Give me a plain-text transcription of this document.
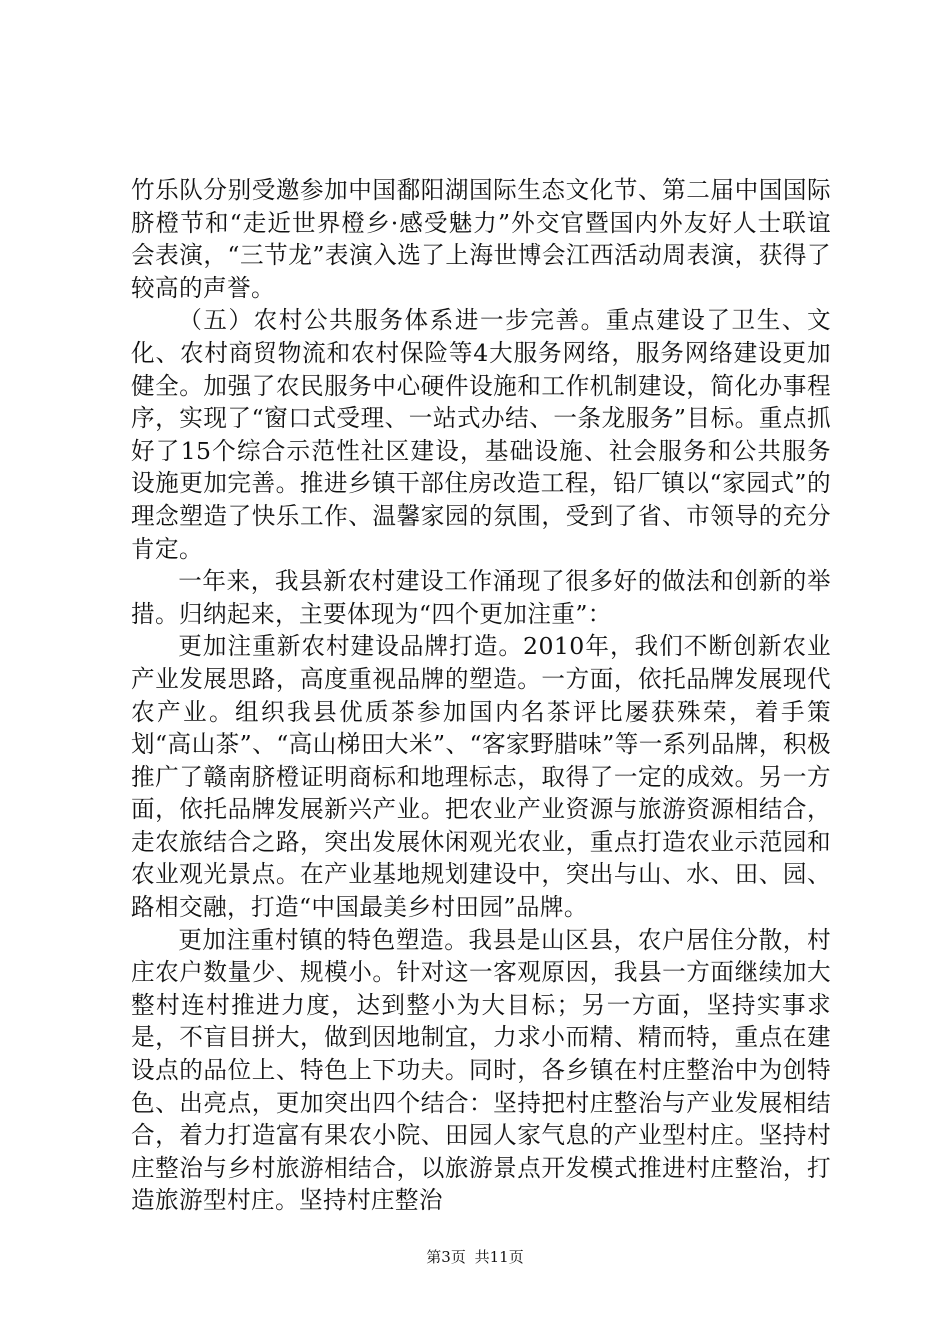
竹乐队分别受邀参加中国鄱阳湖国际生态文化节、第二届中国国际脐橙节和“走近世界橙乡·感受魅力”外交官暨国内外友好人士联谊会表演，“三节龙”表演入选了上海世博会江西活动周表演，获得了较高的声誉。

（五）农村公共服务体系进一步完善。重点建设了卫生、文化、农村商贸物流和农村保险等4大服务网络，服务网络建设更加健全。加强了农民服务中心硬件设施和工作机制建设，简化办事程序，实现了“窗口式受理、一站式办结、一条龙服务”目标。重点抓好了15个综合示范性社区建设，基础设施、社会服务和公共服务设施更加完善。推进乡镇干部住房改造工程，铅厂镇以“家园式”的理念塑造了快乐工作、温馨家园的氛围，受到了省、市领导的充分肯定。

一年来，我县新农村建设工作涌现了很多好的做法和创新的举措。归纳起来，主要体现为“四个更加注重”：

更加注重新农村建设品牌打造。2010年，我们不断创新农业产业发展思路，高度重视品牌的塑造。一方面，依托品牌发展现代农产业。组织我县优质茶参加国内名茶评比屡获殊荣，着手策划“高山茶”、“高山梯田大米”、“客家野腊味”等一系列品牌，积极推广了赣南脐橙证明商标和地理标志，取得了一定的成效。另一方面，依托品牌发展新兴产业。把农业产业资源与旅游资源相结合，走农旅结合之路，突出发展休闲观光农业，重点打造农业示范园和农业观光景点。在产业基地规划建设中，突出与山、水、田、园、路相交融，打造“中国最美乡村田园”品牌。

更加注重村镇的特色塑造。我县是山区县，农户居住分散，村庄农户数量少、规模小。针对这一客观原因，我县一方面继续加大整村连村推进力度，达到整小为大目标；另一方面，坚持实事求是，不盲目拼大，做到因地制宜，力求小而精、精而特，重点在建设点的品位上、特色上下功夫。同时，各乡镇在村庄整治中为创特色、出亮点，更加突出四个结合：坚持把村庄整治与产业发展相结合，着力打造富有果农小院、田园人家气息的产业型村庄。坚持村庄整治与乡村旅游相结合，以旅游景点开发模式推进村庄整治，打造旅游型村庄。坚持村庄整治

第3页 共11页
